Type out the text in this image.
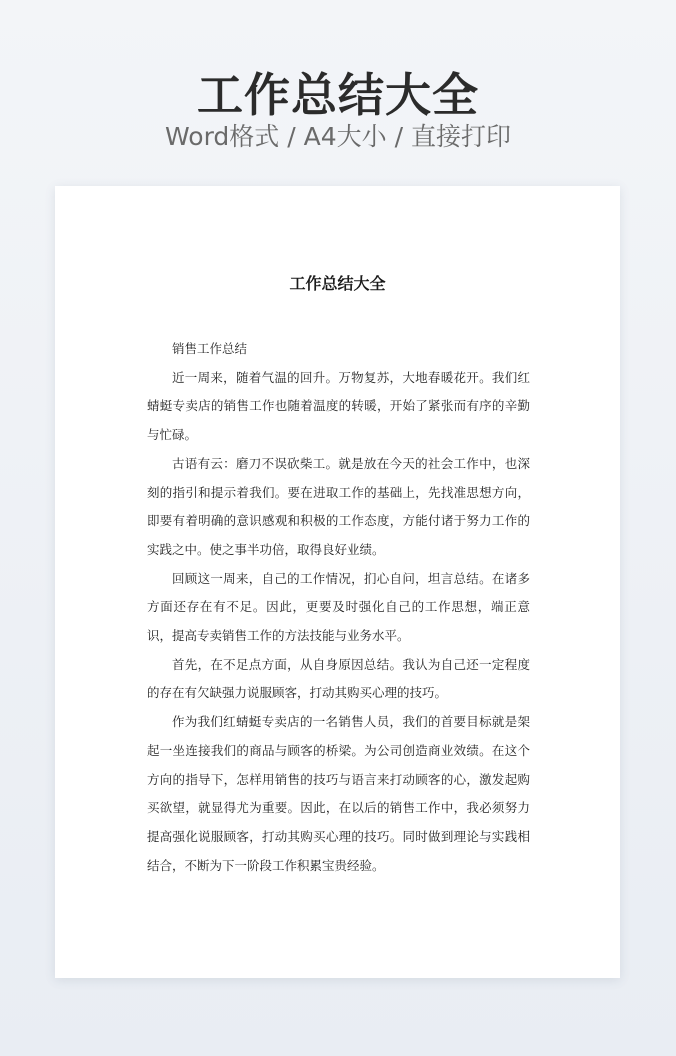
工作总结大全
Word格式 / A4大小 / 直接打印
工作总结大全

销售工作总结

近一周来，随着气温的回升。万物复苏，大地春暖花开。我们红蜻蜓专卖店的销售工作也随着温度的转暖，开始了紧张而有序的辛勤与忙碌。

古语有云：磨刀不误砍柴工。就是放在今天的社会工作中，也深刻的指引和提示着我们。要在进取工作的基础上，先找准思想方向，即要有着明确的意识感观和积极的工作态度，方能付诸于努力工作的实践之中。使之事半功倍，取得良好业绩。

回顾这一周来，自己的工作情况，扪心自问，坦言总结。在诸多方面还存在有不足。因此，更要及时强化自己的工作思想，端正意识，提高专卖销售工作的方法技能与业务水平。

首先，在不足点方面，从自身原因总结。我认为自己还一定程度的存在有欠缺强力说服顾客，打动其购买心理的技巧。

作为我们红蜻蜓专卖店的一名销售人员，我们的首要目标就是架起一坐连接我们的商品与顾客的桥梁。为公司创造商业效绩。在这个方向的指导下，怎样用销售的技巧与语言来打动顾客的心，激发起购买欲望，就显得尤为重要。因此，在以后的销售工作中，我必须努力提高强化说服顾客，打动其购买心理的技巧。同时做到理论与实践相结合，不断为下一阶段工作积累宝贵经验。
